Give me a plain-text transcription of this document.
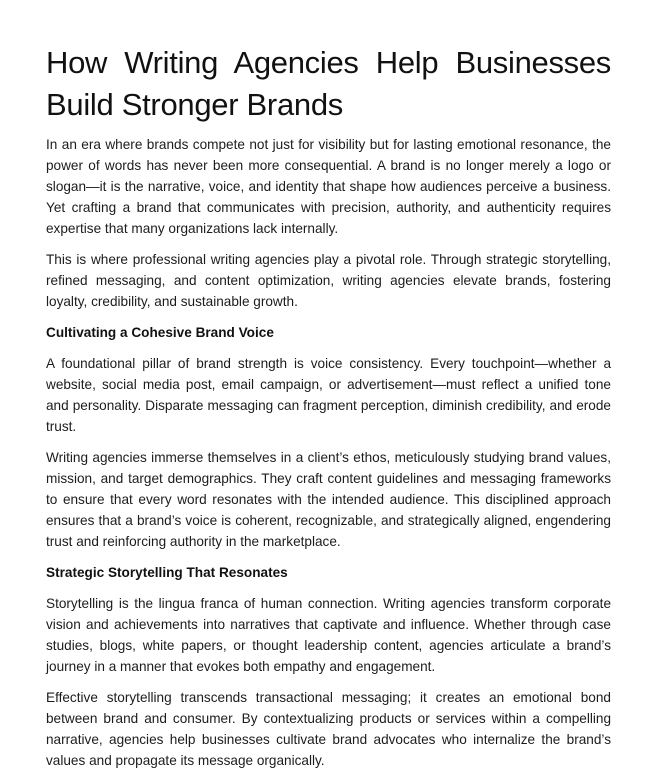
How Writing Agencies Help Businesses Build Stronger Brands

In an era where brands compete not just for visibility but for lasting emotional resonance, the power of words has never been more consequential. A brand is no longer merely a logo or slogan—it is the narrative, voice, and identity that shape how audiences perceive a business. Yet crafting a brand that communicates with precision, authority, and authenticity requires expertise that many organizations lack internally.

This is where professional writing agencies play a pivotal role. Through strategic storytelling, refined messaging, and content optimization, writing agencies elevate brands, fostering loyalty, credibility, and sustainable growth.

Cultivating a Cohesive Brand Voice

A foundational pillar of brand strength is voice consistency. Every touchpoint—whether a website, social media post, email campaign, or advertisement—must reflect a unified tone and personality. Disparate messaging can fragment perception, diminish credibility, and erode trust.

Writing agencies immerse themselves in a client’s ethos, meticulously studying brand values, mission, and target demographics. They craft content guidelines and messaging frameworks to ensure that every word resonates with the intended audience. This disciplined approach ensures that a brand’s voice is coherent, recognizable, and strategically aligned, engendering trust and reinforcing authority in the marketplace.

Strategic Storytelling That Resonates

Storytelling is the lingua franca of human connection. Writing agencies transform corporate vision and achievements into narratives that captivate and influence. Whether through case studies, blogs, white papers, or thought leadership content, agencies articulate a brand’s journey in a manner that evokes both empathy and engagement.

Effective storytelling transcends transactional messaging; it creates an emotional bond between brand and consumer. By contextualizing products or services within a compelling narrative, agencies help businesses cultivate brand advocates who internalize the brand’s values and propagate its message organically.
